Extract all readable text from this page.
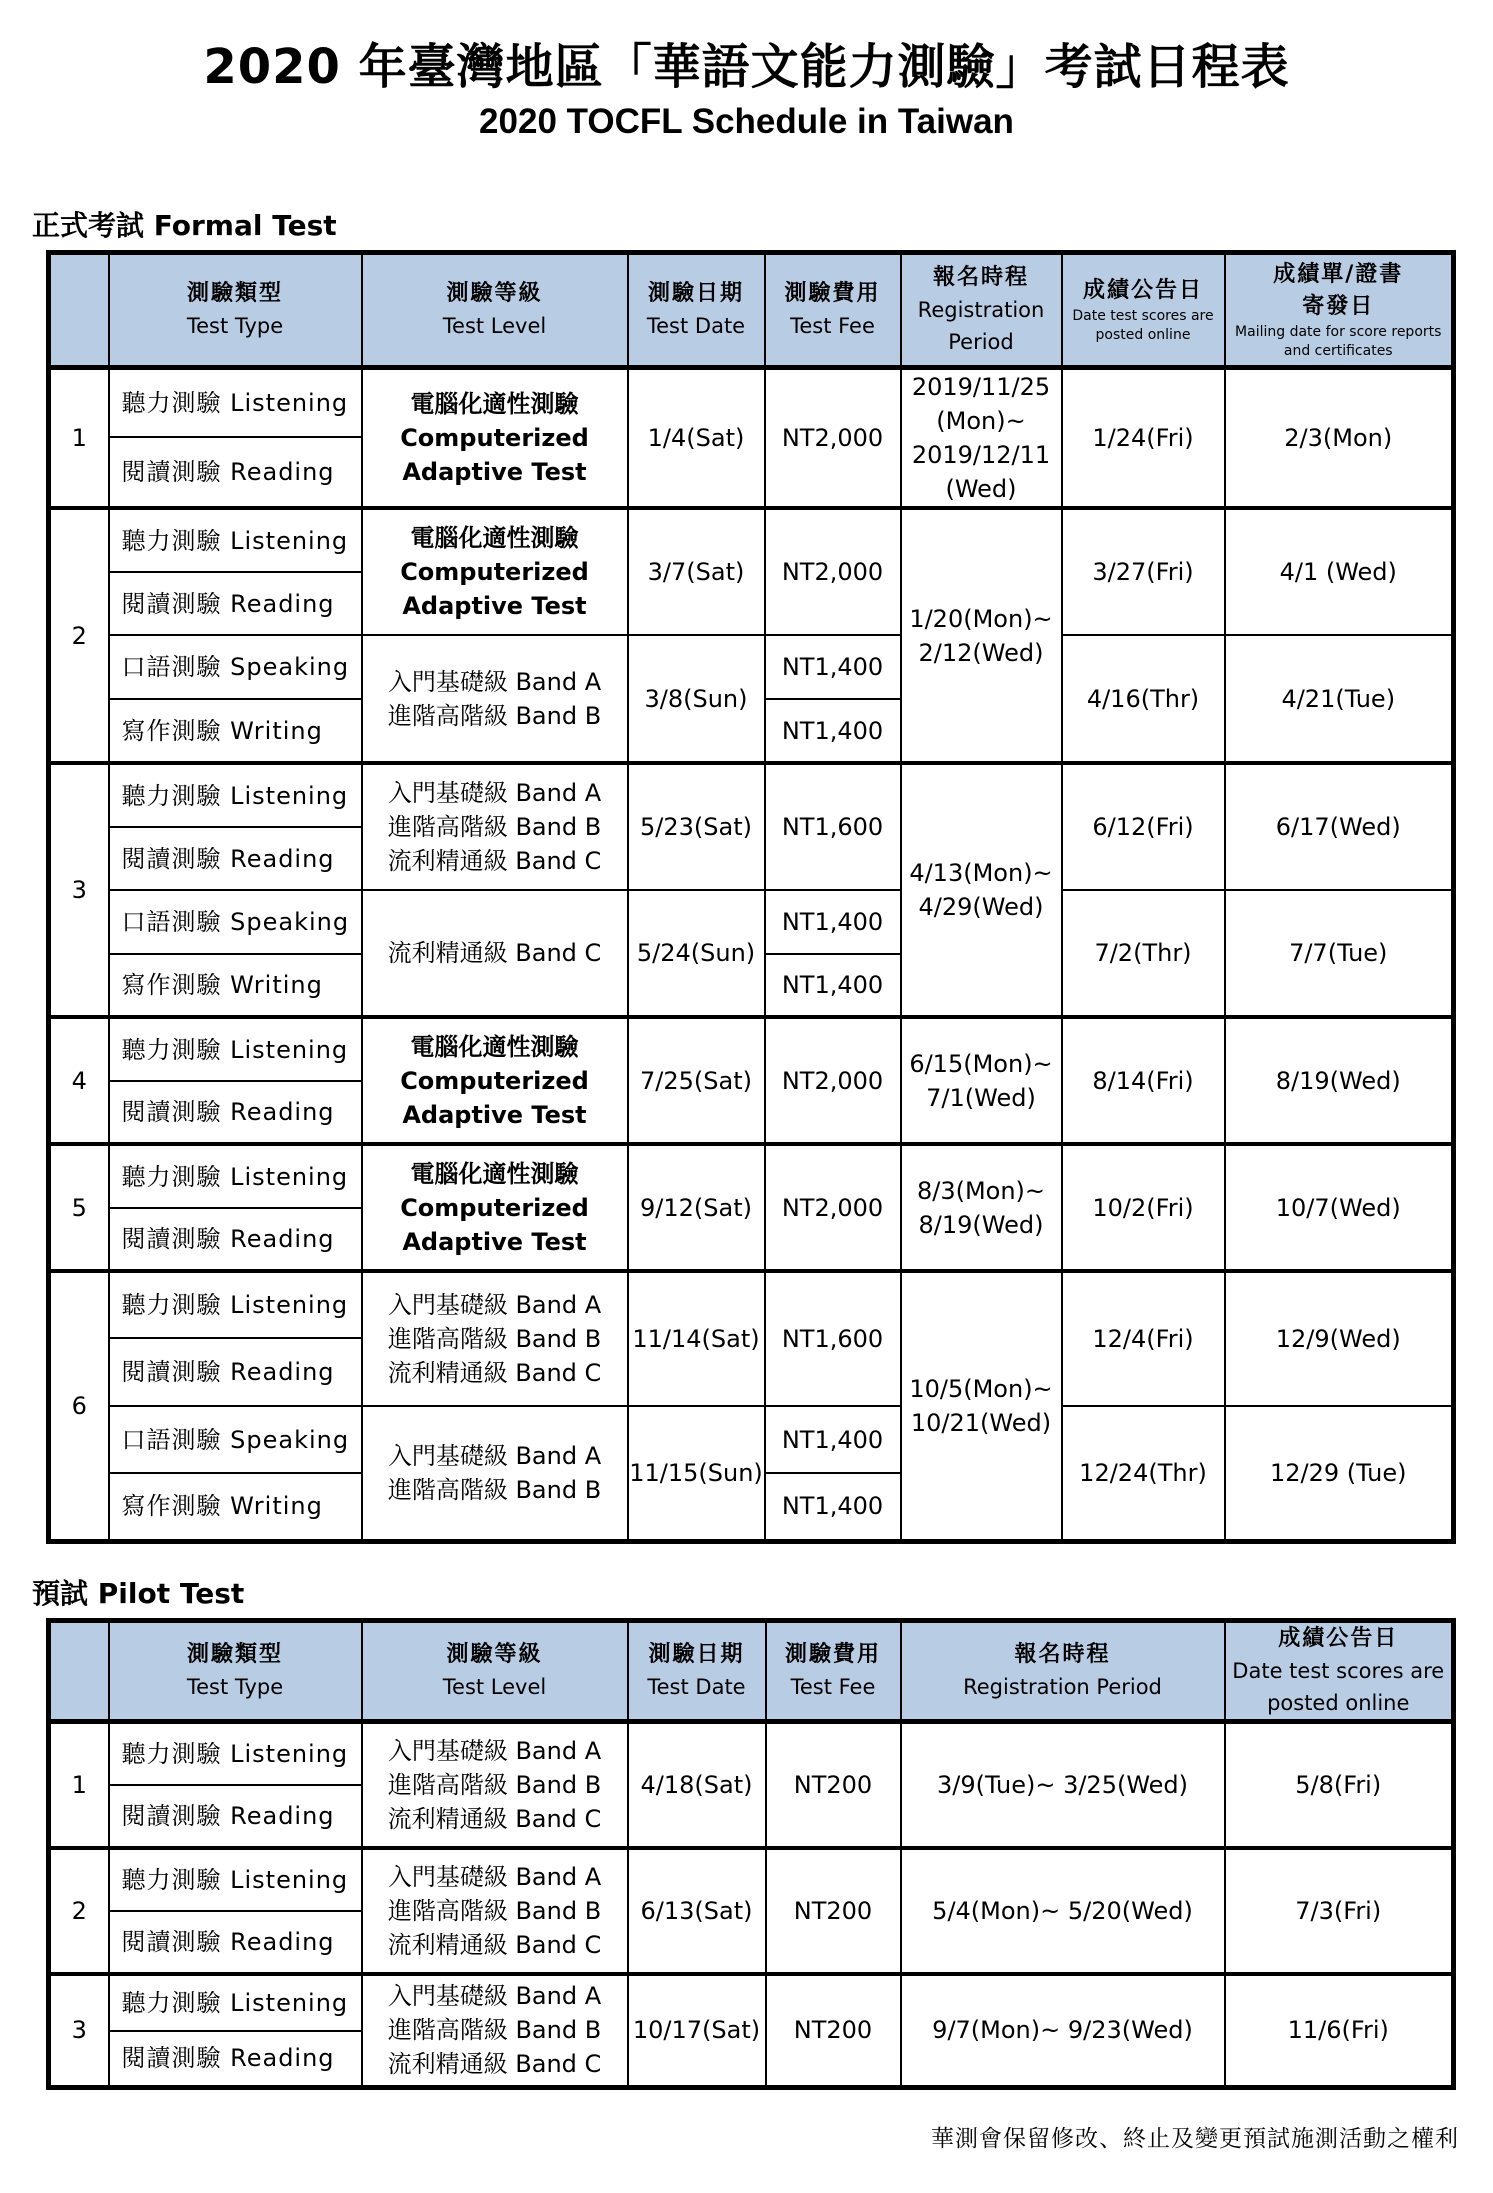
2020 年臺灣地區「華語文能力測驗」考試日程表
2020 TOCFL Schedule in Taiwan
正式考試 Formal Test

	測驗類型
Test Type	測驗等級
Test Level	測驗日期
Test Date	測驗費用
Test Fee	報名時程
Registration
Period	成績公告日
Date test scores are
posted online	成績單/證書
寄發日
Mailing date for score reports
and certificates

1	聽力測驗 Listening	電腦化適性測驗
Computerized
Adaptive Test	1/4(Sat)	NT2,000	2019/11/25
(Mon)~
2019/12/11
(Wed)	1/24(Fri)	2/3(Mon)
	閱讀測驗 Reading						
2	聽力測驗 Listening	電腦化適性測驗
Computerized
Adaptive Test	3/7(Sat)	NT2,000	1/20(Mon)~
2/12(Wed)	3/27(Fri)	4/1 (Wed)
	閱讀測驗 Reading						
	口語測驗 Speaking	入門基礎級 Band A
進階高階級 Band B	3/8(Sun)	NT1,400		4/16(Thr)	4/21(Tue)
	寫作測驗 Writing			NT1,400			
3	聽力測驗 Listening	入門基礎級 Band A
進階高階級 Band B
流利精通級 Band C	5/23(Sat)	NT1,600	4/13(Mon)~
4/29(Wed)	6/12(Fri)	6/17(Wed)
	閱讀測驗 Reading						
	口語測驗 Speaking	流利精通級 Band C	5/24(Sun)	NT1,400		7/2(Thr)	7/7(Tue)
	寫作測驗 Writing			NT1,400			
4	聽力測驗 Listening	電腦化適性測驗
Computerized
Adaptive Test	7/25(Sat)	NT2,000	6/15(Mon)~
7/1(Wed)	8/14(Fri)	8/19(Wed)
	閱讀測驗 Reading						
5	聽力測驗 Listening	電腦化適性測驗
Computerized
Adaptive Test	9/12(Sat)	NT2,000	8/3(Mon)~
8/19(Wed)	10/2(Fri)	10/7(Wed)
	閱讀測驗 Reading						
6	聽力測驗 Listening	入門基礎級 Band A
進階高階級 Band B
流利精通級 Band C	11/14(Sat)	NT1,600	10/5(Mon)~
10/21(Wed)	12/4(Fri)	12/9(Wed)
	閱讀測驗 Reading						
	口語測驗 Speaking	入門基礎級 Band A
進階高階級 Band B	11/15(Sun)	NT1,400		12/24(Thr)	12/29 (Tue)
	寫作測驗 Writing			NT1,400			
預試 Pilot Test

	測驗類型
Test Type	測驗等級
Test Level	測驗日期
Test Date	測驗費用
Test Fee	報名時程
Registration Period	成績公告日
Date test scores are
posted online

1	聽力測驗 Listening	入門基礎級 Band A
進階高階級 Band B
流利精通級 Band C	4/18(Sat)	NT200	3/9(Tue)~ 3/25(Wed)	5/8(Fri)
	閱讀測驗 Reading					
2	聽力測驗 Listening	入門基礎級 Band A
進階高階級 Band B
流利精通級 Band C	6/13(Sat)	NT200	5/4(Mon)~ 5/20(Wed)	7/3(Fri)
	閱讀測驗 Reading					
3	聽力測驗 Listening	入門基礎級 Band A
進階高階級 Band B
流利精通級 Band C	10/17(Sat)	NT200	9/7(Mon)~ 9/23(Wed)	11/6(Fri)
	閱讀測驗 Reading					
華測會保留修改、終止及變更預試施測活動之權利
